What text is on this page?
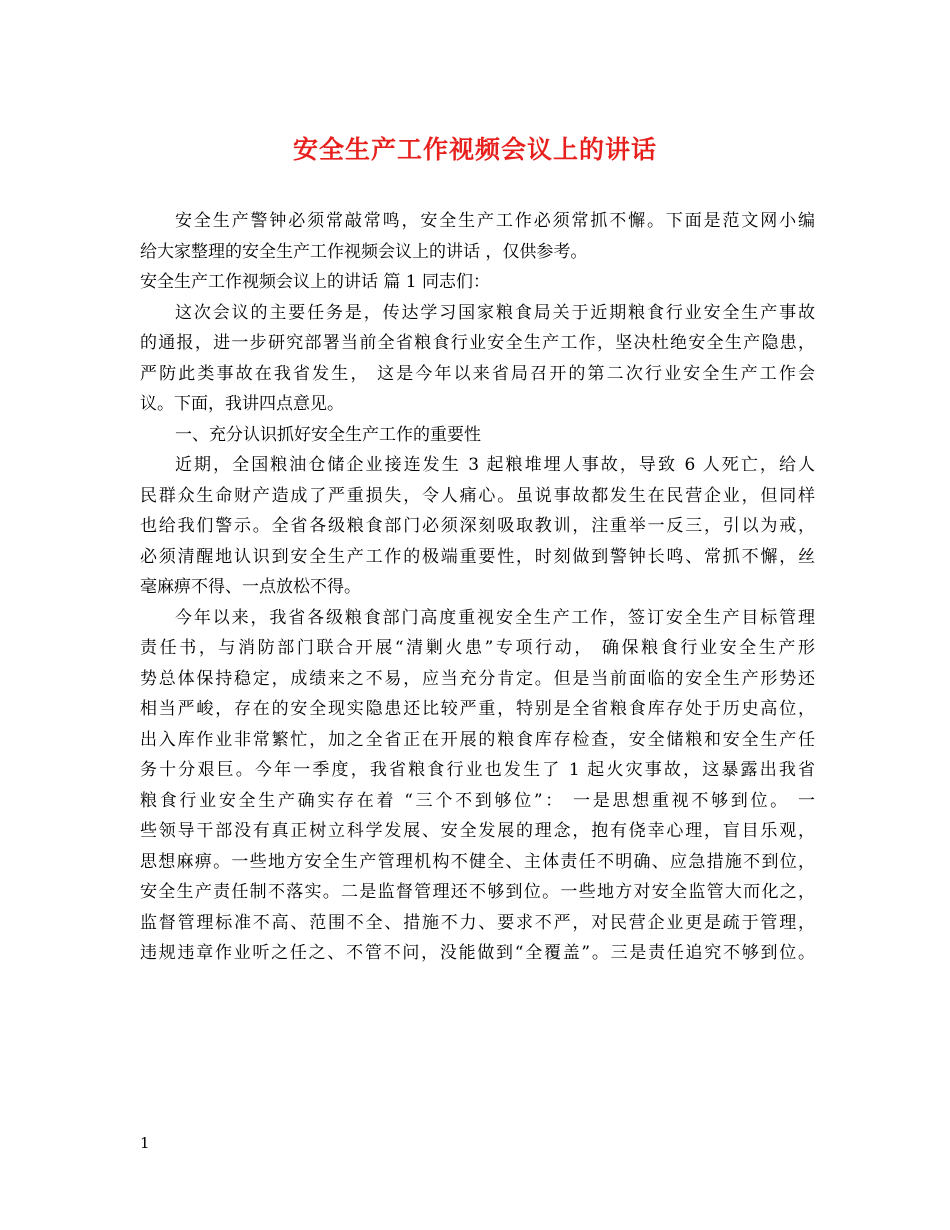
安全生产工作视频会议上的讲话
安全生产警钟必须常敲常鸣，安全生产工作必须常抓不懈。下面是范文网小编
给大家整理的安全生产工作视频会议上的讲话 ，仅供参考。
安全生产工作视频会议上的讲话 篇 1 同志们：
这次会议的主要任务是，传达学习国家粮食局关于近期粮食行业安全生产事故
的通报，进一步研究部署当前全省粮食行业安全生产工作，坚决杜绝安全生产隐患，
严防此类事故在我省发生， 这是今年以来省局召开的第二次行业安全生产工作会
议。下面，我讲四点意见。
一、充分认识抓好安全生产工作的重要性
近期，全国粮油仓储企业接连发生 3 起粮堆埋人事故，导致 6 人死亡，给人
民群众生命财产造成了严重损失，令人痛心。虽说事故都发生在民营企业，但同样
也给我们警示。全省各级粮食部门必须深刻吸取教训，注重举一反三，引以为戒，
必须清醒地认识到安全生产工作的极端重要性，时刻做到警钟长鸣、常抓不懈，丝
毫麻痹不得、一点放松不得。
今年以来，我省各级粮食部门高度重视安全生产工作，签订安全生产目标管理
责任书，与消防部门联合开展“清剿火患”专项行动， 确保粮食行业安全生产形
势总体保持稳定，成绩来之不易，应当充分肯定。但是当前面临的安全生产形势还
相当严峻，存在的安全现实隐患还比较严重，特别是全省粮食库存处于历史高位，
出入库作业非常繁忙，加之全省正在开展的粮食库存检查，安全储粮和安全生产任
务十分艰巨。今年一季度，我省粮食行业也发生了 1 起火灾事故，这暴露出我省
粮食行业安全生产确实存在着 “三个不到够位”： 一是思想重视不够到位。 一
些领导干部没有真正树立科学发展、安全发展的理念，抱有侥幸心理，盲目乐观，
思想麻痹。一些地方安全生产管理机构不健全、主体责任不明确、应急措施不到位，
安全生产责任制不落实。二是监督管理还不够到位。一些地方对安全监管大而化之，
监督管理标准不高、范围不全、措施不力、要求不严，对民营企业更是疏于管理，
违规违章作业听之任之、不管不问，没能做到“全覆盖”。三是责任追究不够到位。
1
